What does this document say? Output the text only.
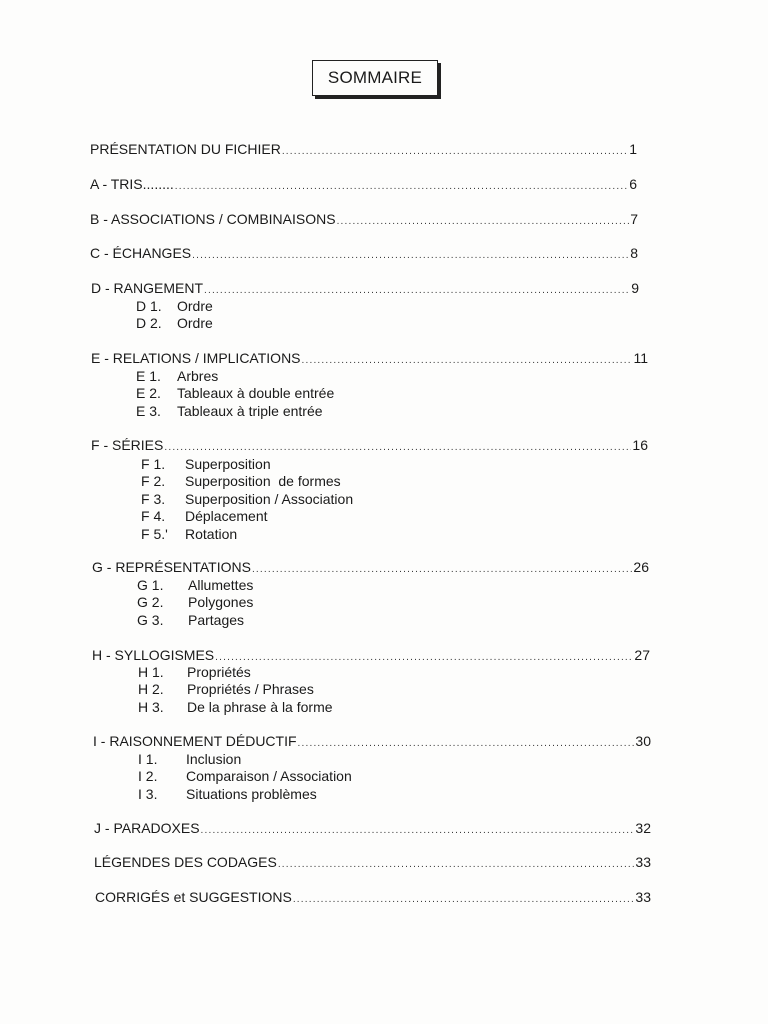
SOMMAIRE
PRÉSENTATION DU FICHIER .....	1
A - TRIS........ .....	6
B - ASSOCIATIONS / COMBINAISONS .....	7
C - ÉCHANGES .....	8
D - RANGEMENT .....	9
D 1.	Ordre
D 2.	Ordre
E - RELATIONS / IMPLICATIONS .....	11
E 1.	Arbres
E 2.	Tableaux à double entrée
E 3.	Tableaux à triple entrée
F - SÉRIES .....	16
F 1.	Superposition
F 2.	Superposition  de formes
F 3.	Superposition / Association
F 4.	Déplacement
F 5.'	Rotation
G - REPRÉSENTATIONS .....	26
G 1.	Allumettes
G 2.	Polygones
G 3.	Partages
H - SYLLOGISMES .....	27
H 1.	Propriétés
H 2.	Propriétés / Phrases
H 3.	De la phrase à la forme
I - RAISONNEMENT DÉDUCTIF .....	30
I 1.	Inclusion
I 2.	Comparaison / Association
I 3.	Situations problèmes
J - PARADOXES .....	32
LÉGENDES DES CODAGES .....	33
CORRIGÉS et SUGGESTIONS .....	33
